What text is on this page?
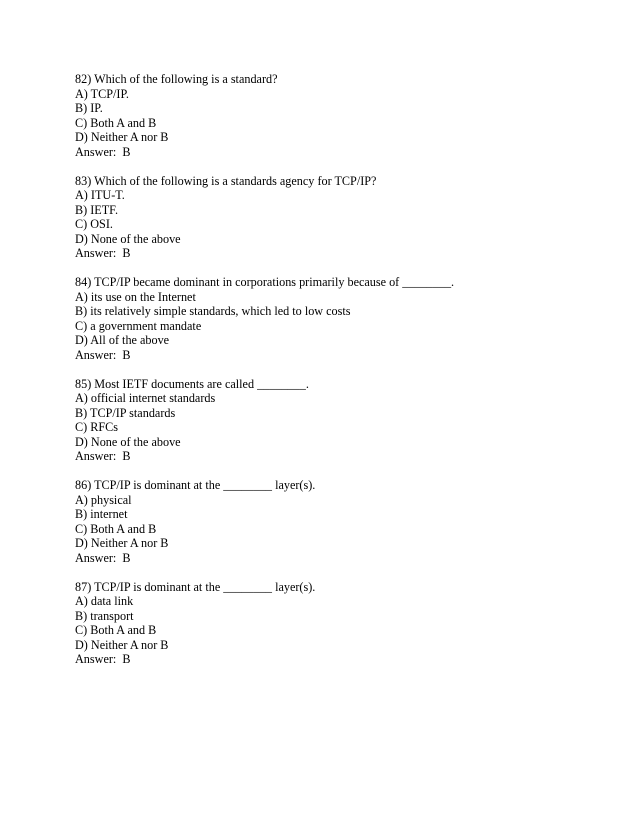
82) Which of the following is a standard?
A) TCP/IP.
B) IP.
C) Both A and B
D) Neither A nor B
Answer:  B
83) Which of the following is a standards agency for TCP/IP?
A) ITU-T.
B) IETF.
C) OSI.
D) None of the above
Answer:  B
84) TCP/IP became dominant in corporations primarily because of ________.
A) its use on the Internet
B) its relatively simple standards, which led to low costs
C) a government mandate
D) All of the above
Answer:  B
85) Most IETF documents are called ________.
A) official internet standards
B) TCP/IP standards
C) RFCs
D) None of the above
Answer:  B
86) TCP/IP is dominant at the ________ layer(s).
A) physical
B) internet
C) Both A and B
D) Neither A nor B
Answer:  B
87) TCP/IP is dominant at the ________ layer(s).
A) data link
B) transport
C) Both A and B
D) Neither A nor B
Answer:  B
